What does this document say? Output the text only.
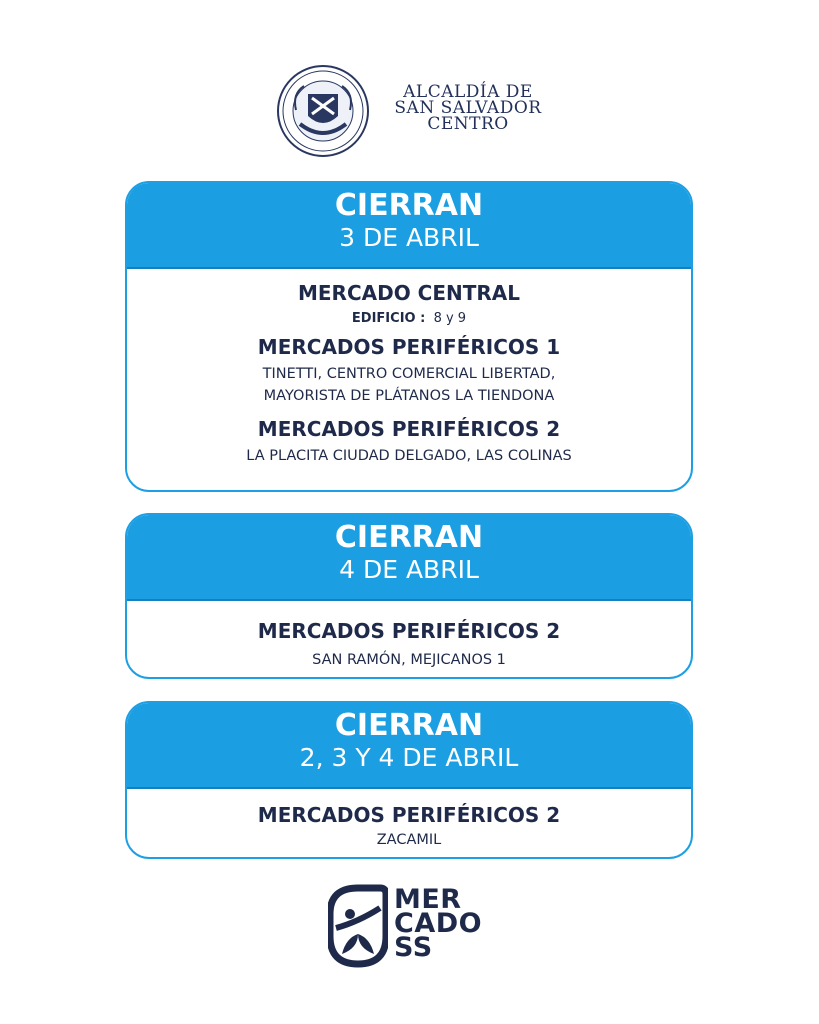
ALCALDÍA DE
SAN SALVADOR
CENTRO
CIERRAN
3 DE ABRIL
MERCADO CENTRAL
EDIFICIO : 8 y 9
MERCADOS PERIFÉRICOS 1
TINETTI, CENTRO COMERCIAL LIBERTAD,
MAYORISTA DE PLÁTANOS LA TIENDONA
MERCADOS PERIFÉRICOS 2
LA PLACITA CIUDAD DELGADO, LAS COLINAS
CIERRAN
4 DE ABRIL
MERCADOS PERIFÉRICOS 2
SAN RAMÓN, MEJICANOS 1
CIERRAN
2, 3 Y 4 DE ABRIL
MERCADOS PERIFÉRICOS 2
ZACAMIL
MER
CADO
SS
